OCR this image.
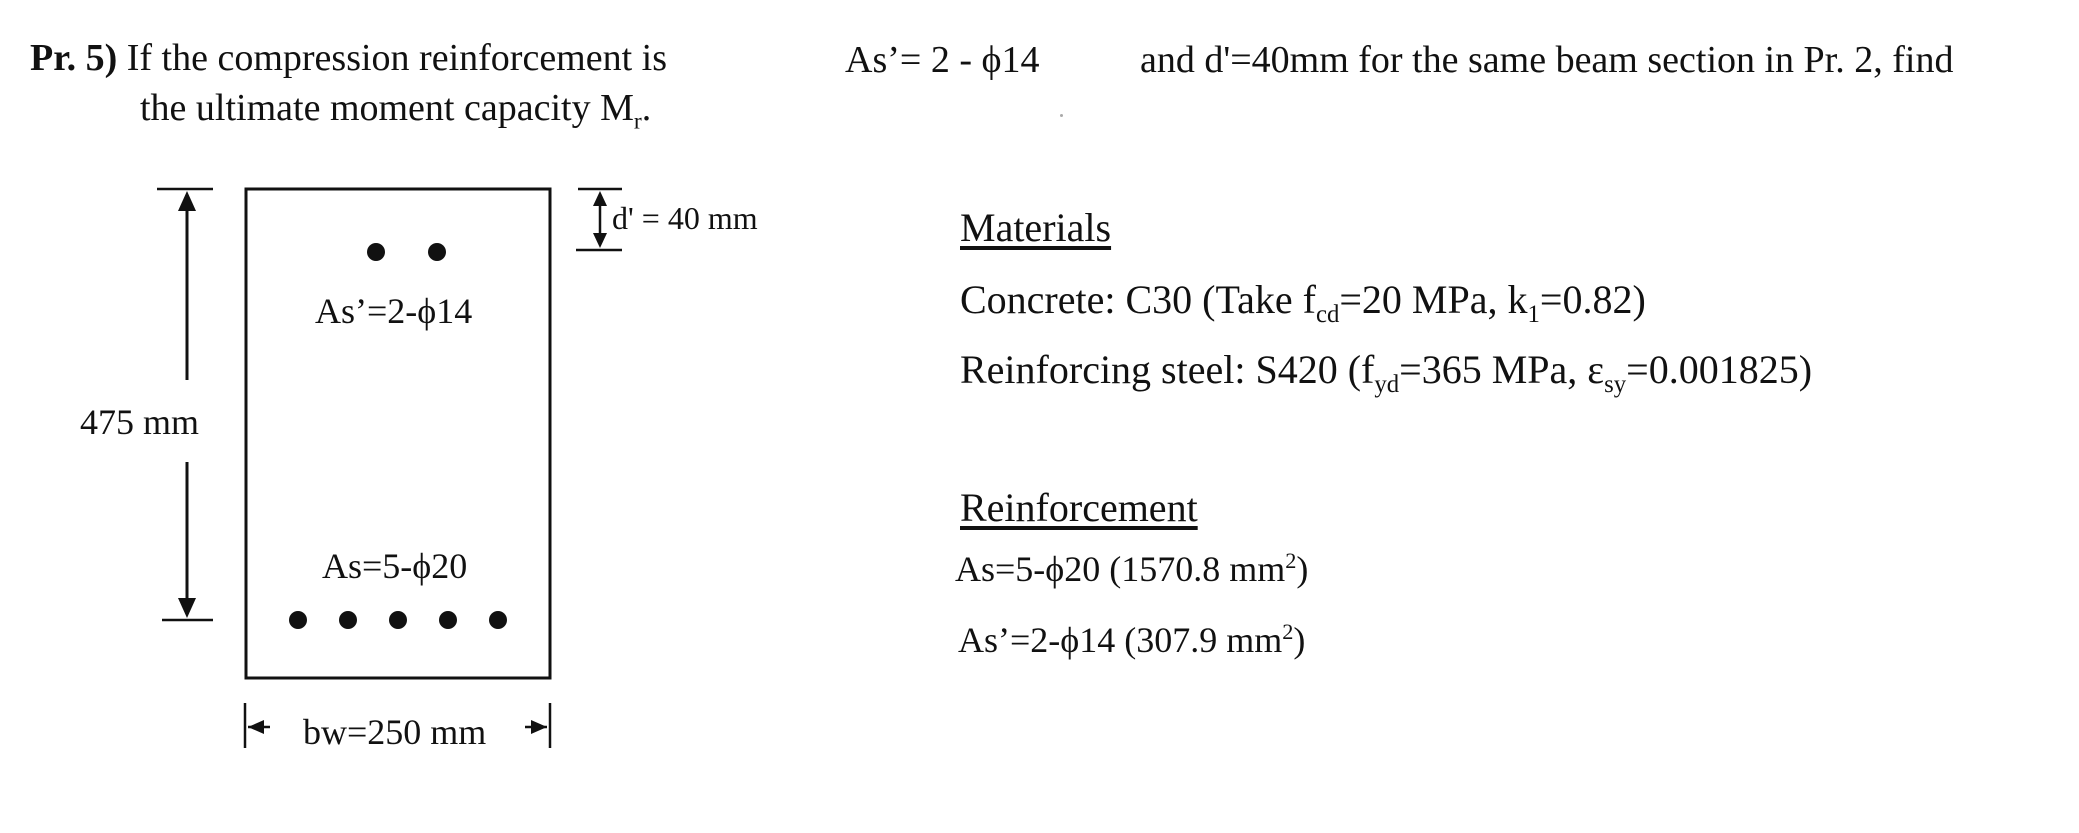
Pr. 5) If the compression reinforcement is	As’= 2 - ϕ14	and d'=40mm for the same beam section in Pr. 2, find
the ultimate moment capacity $M_r$.
475 mm
d' = 40 mm
As’=2-ϕ14
As=5-ϕ20
bw=250 mm
Materials
Concrete: C30 (Take $f_{cd}=20$ MPa, $k_1=0.82$)
Reinforcing steel: S420 ($f_{yd}=365$ MPa, $\varepsilon_{sy}=0.001825$)
Reinforcement
As=5-ϕ20 (1570.8 $mm^2$)
As’=2-ϕ14 (307.9 $mm^2$)
